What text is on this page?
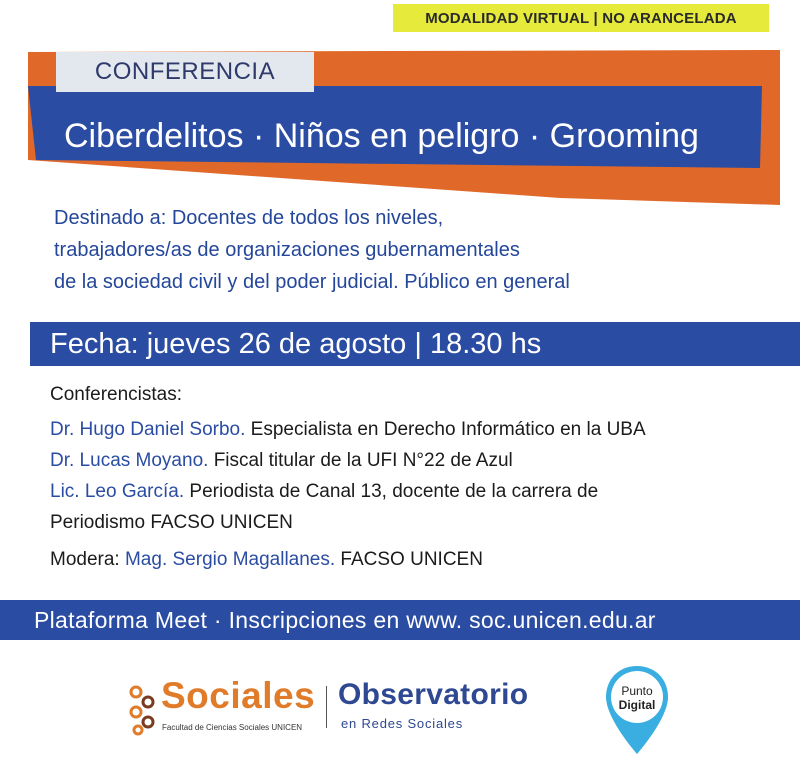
MODALIDAD VIRTUAL | NO ARANCELADA
CONFERENCIA
Ciberdelitos · Niños en peligro · Grooming
Destinado a: Docentes de todos los niveles,
trabajadores/as de organizaciones gubernamentales
de la sociedad civil y del poder judicial. Público en general
Fecha: jueves 26 de agosto | 18.30 hs
Conferencistas:
Dr. Hugo Daniel Sorbo. Especialista en Derecho Informático en la UBA
Dr. Lucas Moyano. Fiscal titular de la UFI N°22 de Azul
Lic. Leo García. Periodista de Canal 13, docente de la carrera de
Periodismo FACSO UNICEN
Modera: Mag. Sergio Magallanes. FACSO UNICEN
Plataforma Meet · Inscripciones en www. soc.unicen.edu.ar
Sociales
Facultad de Ciencias Sociales UNICEN
Observatorio
en Redes Sociales
Punto
Digital
